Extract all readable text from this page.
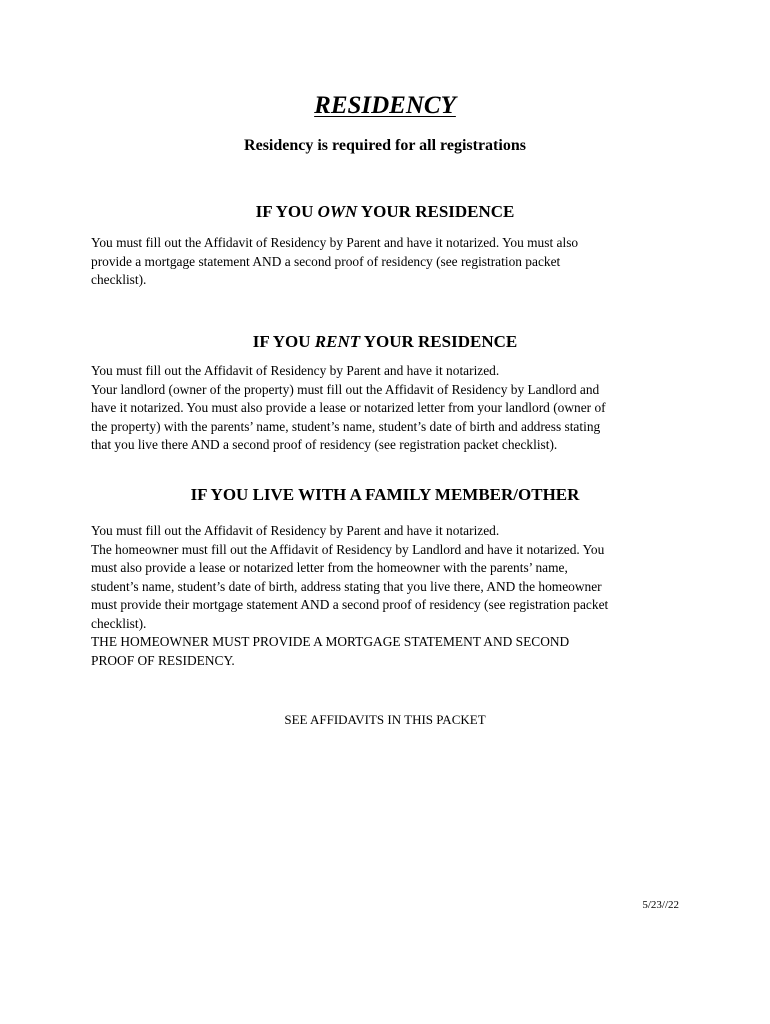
RESIDENCY

Residency is required for all registrations

IF YOU OWN YOUR RESIDENCE

You must fill out the Affidavit of Residency by Parent and have it notarized. You must also
provide a mortgage statement AND a second proof of residency (see registration packet
checklist).

IF YOU RENT YOUR RESIDENCE

You must fill out the Affidavit of Residency by Parent and have it notarized.
Your landlord (owner of the property) must fill out the Affidavit of Residency by Landlord and
have it notarized. You must also provide a lease or notarized letter from your landlord (owner of
the property) with the parents’ name, student’s name, student’s date of birth and address stating
that you live there AND a second proof of residency (see registration packet checklist).

IF YOU LIVE WITH A FAMILY MEMBER/OTHER

You must fill out the Affidavit of Residency by Parent and have it notarized.
The homeowner must fill out the Affidavit of Residency by Landlord and have it notarized. You
must also provide a lease or notarized letter from the homeowner with the parents’ name,
student’s name, student’s date of birth, address stating that you live there, AND the homeowner
must provide their mortgage statement AND a second proof of residency (see registration packet
checklist).
THE HOMEOWNER MUST PROVIDE A MORTGAGE STATEMENT AND SECOND
PROOF OF RESIDENCY.

SEE AFFIDAVITS IN THIS PACKET

5/23//22
